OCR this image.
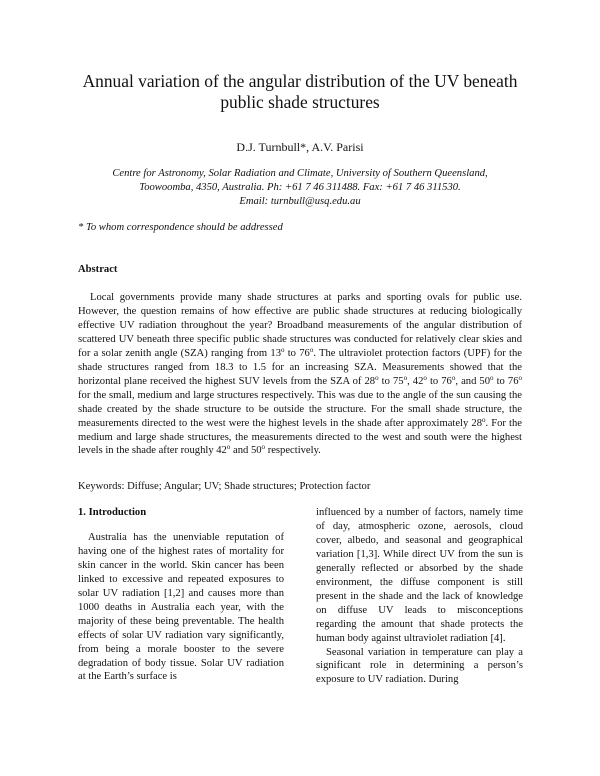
Annual variation of the angular distribution of the UV beneath public shade structures
D.J. Turnbull*, A.V. Parisi
Centre for Astronomy, Solar Radiation and Climate, University of Southern Queensland,
Toowoomba, 4350, Australia. Ph: +61 7 46 311488. Fax: +61 7 46 311530.
Email: turnbull@usq.edu.au
* To whom correspondence should be addressed
Abstract

Local governments provide many shade structures at parks and sporting ovals for public use. However, the question remains of how effective are public shade structures at reducing biologically effective UV radiation throughout the year? Broadband measurements of the angular distribution of scattered UV beneath three specific public shade structures was conducted for relatively clear skies and for a solar zenith angle (SZA) ranging from 13$^o$ to 76$^o$. The ultraviolet protection factors (UPF) for the shade structures ranged from 18.3 to 1.5 for an increasing SZA. Measurements showed that the horizontal plane received the highest SUV levels from the SZA of 28$^o$ to 75$^o$, 42$^o$ to 76$^o$, and 50$^o$ to 76$^o$ for the small, medium and large structures respectively. This was due to the angle of the sun causing the shade created by the shade structure to be outside the structure. For the small shade structure, the measurements directed to the west were the highest levels in the shade after approximately 28$^o$. For the medium and large shade structures, the measurements directed to the west and south were the highest levels in the shade after roughly 42$^o$ and 50$^o$ respectively.

Keywords: Diffuse; Angular; UV; Shade structures; Protection factor
1. Introduction

Australia has the unenviable reputation of having one of the highest rates of mortality for skin cancer in the world. Skin cancer has been linked to excessive and repeated exposures to solar UV radiation [1,2] and causes more than 1000 deaths in Australia each year, with the majority of these being preventable. The health effects of solar UV radiation vary significantly, from being a morale booster to the severe degradation of body tissue. Solar UV radiation at the Earth’s surface is

influenced by a number of factors, namely time of day, atmospheric ozone, aerosols, cloud cover, albedo, and seasonal and geographical variation [1,3]. While direct UV from the sun is generally reflected or absorbed by the shade environment, the diffuse component is still present in the shade and the lack of knowledge on diffuse UV leads to misconceptions regarding the amount that shade protects the human body against ultraviolet radiation [4].

Seasonal variation in temperature can play a significant role in determining a person’s exposure to UV radiation. During
